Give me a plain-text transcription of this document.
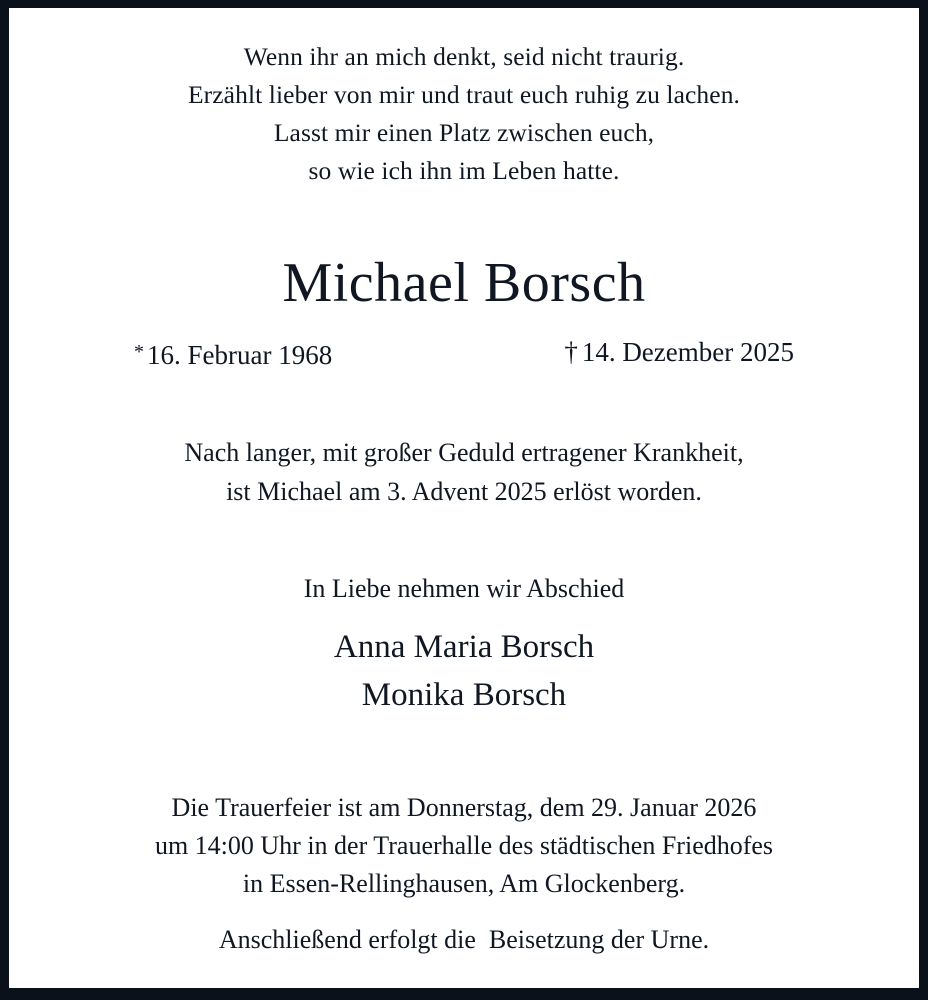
Wenn ihr an mich denkt, seid nicht traurig.
Erzählt lieber von mir und traut euch ruhig zu lachen.
Lasst mir einen Platz zwischen euch,
so wie ich ihn im Leben hatte.
Michael Borsch
* 16. Februar 1968	† 14. Dezember 2025
Nach langer, mit großer Geduld ertragener Krankheit,
ist Michael am 3. Advent 2025 erlöst worden.
In Liebe nehmen wir Abschied
Anna Maria Borsch
Monika Borsch
Die Trauerfeier ist am Donnerstag, dem 29. Januar 2026
um 14:00 Uhr in der Trauerhalle des städtischen Friedhofes
in Essen-Rellinghausen, Am Glockenberg.
Anschließend erfolgt die  Beisetzung der Urne.
